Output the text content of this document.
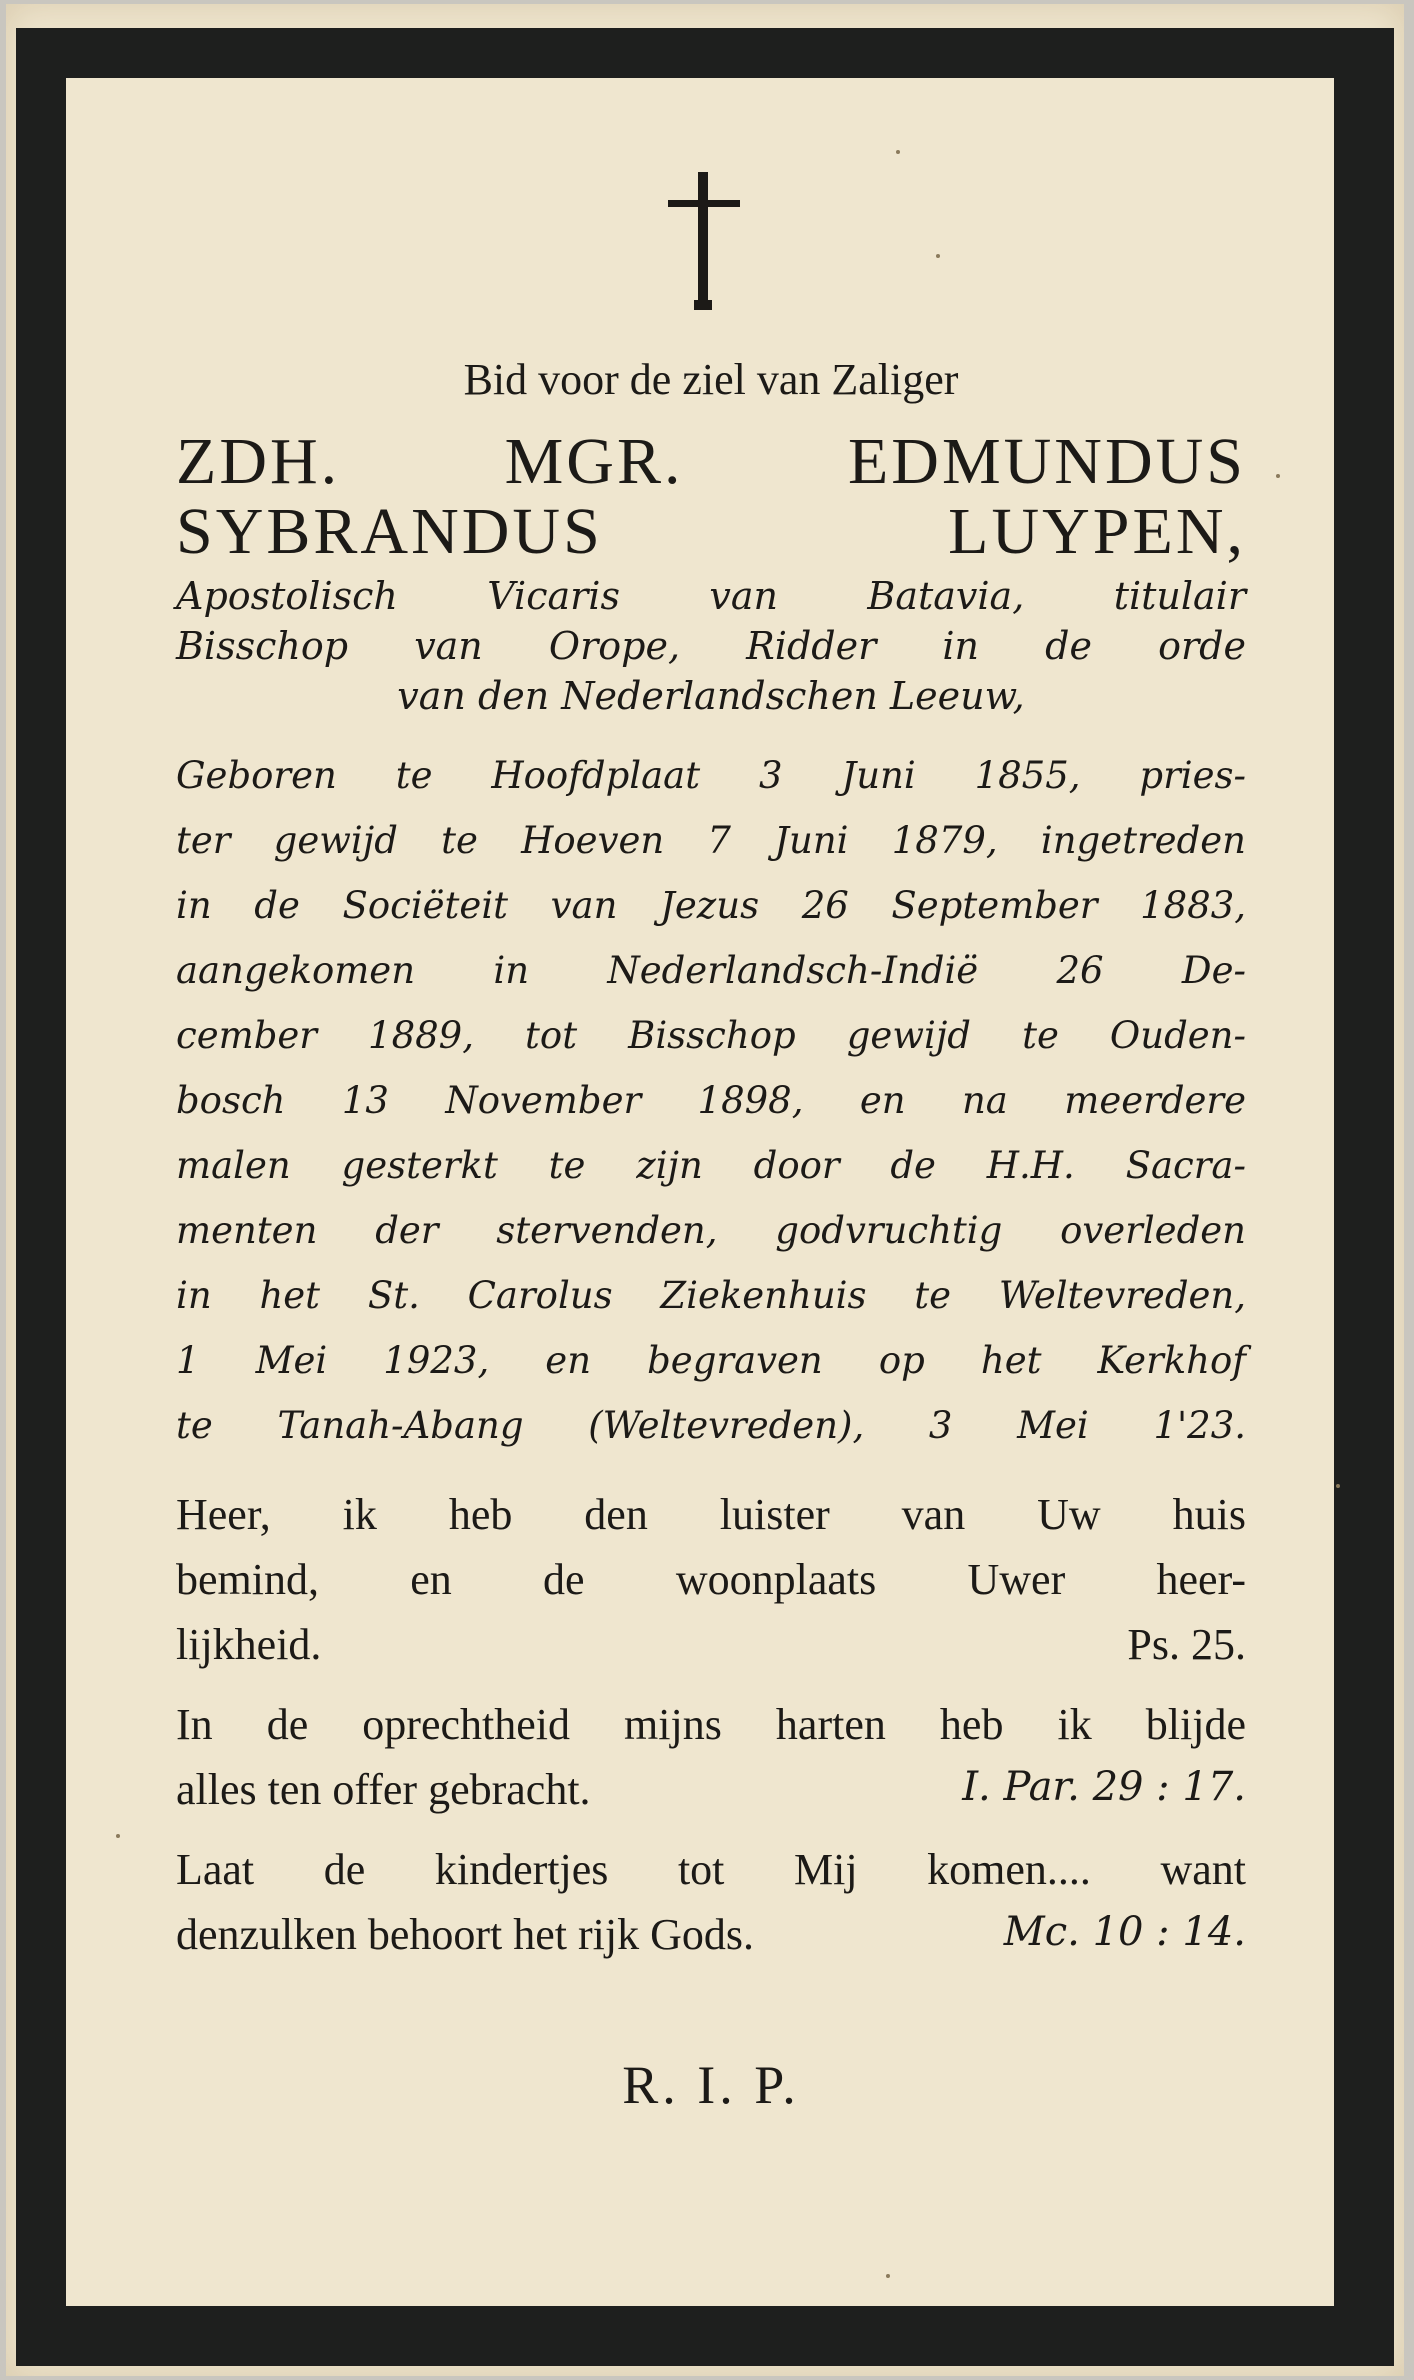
Bid voor de ziel van Zaliger
ZDH. MGR. EDMUNDUS
SYBRANDUS LUYPEN,
Apostolisch Vicaris van Batavia, titulair
Bisschop van Orope, Ridder in de orde
van den Nederlandschen Leeuw,
Geboren te Hoofdplaat 3 Juni 1855, pries-
ter gewijd te Hoeven 7 Juni 1879, ingetreden
in de Sociëteit van Jezus 26 September 1883,
aangekomen in Nederlandsch-Indië 26 De-
cember 1889, tot Bisschop gewijd te Ouden-
bosch 13 November 1898, en na meerdere
malen gesterkt te zijn door de H.H. Sacra-
menten der stervenden, godvruchtig overleden
in het St. Carolus Ziekenhuis te Weltevreden,
1 Mei 1923, en begraven op het Kerkhof
te Tanah-Abang (Weltevreden), 3 Mei 1'23.
Heer, ik heb den luister van Uw huis
bemind, en de woonplaats Uwer heer-
lijkheid.	Ps. 25.
In de oprechtheid mijns harten heb ik blijde
alles ten offer gebracht.	I. Par. 29 : 17.
Laat de kindertjes tot Mij komen.... want
denzulken behoort het rijk Gods.	Mc. 10 : 14.
R. I. P.
